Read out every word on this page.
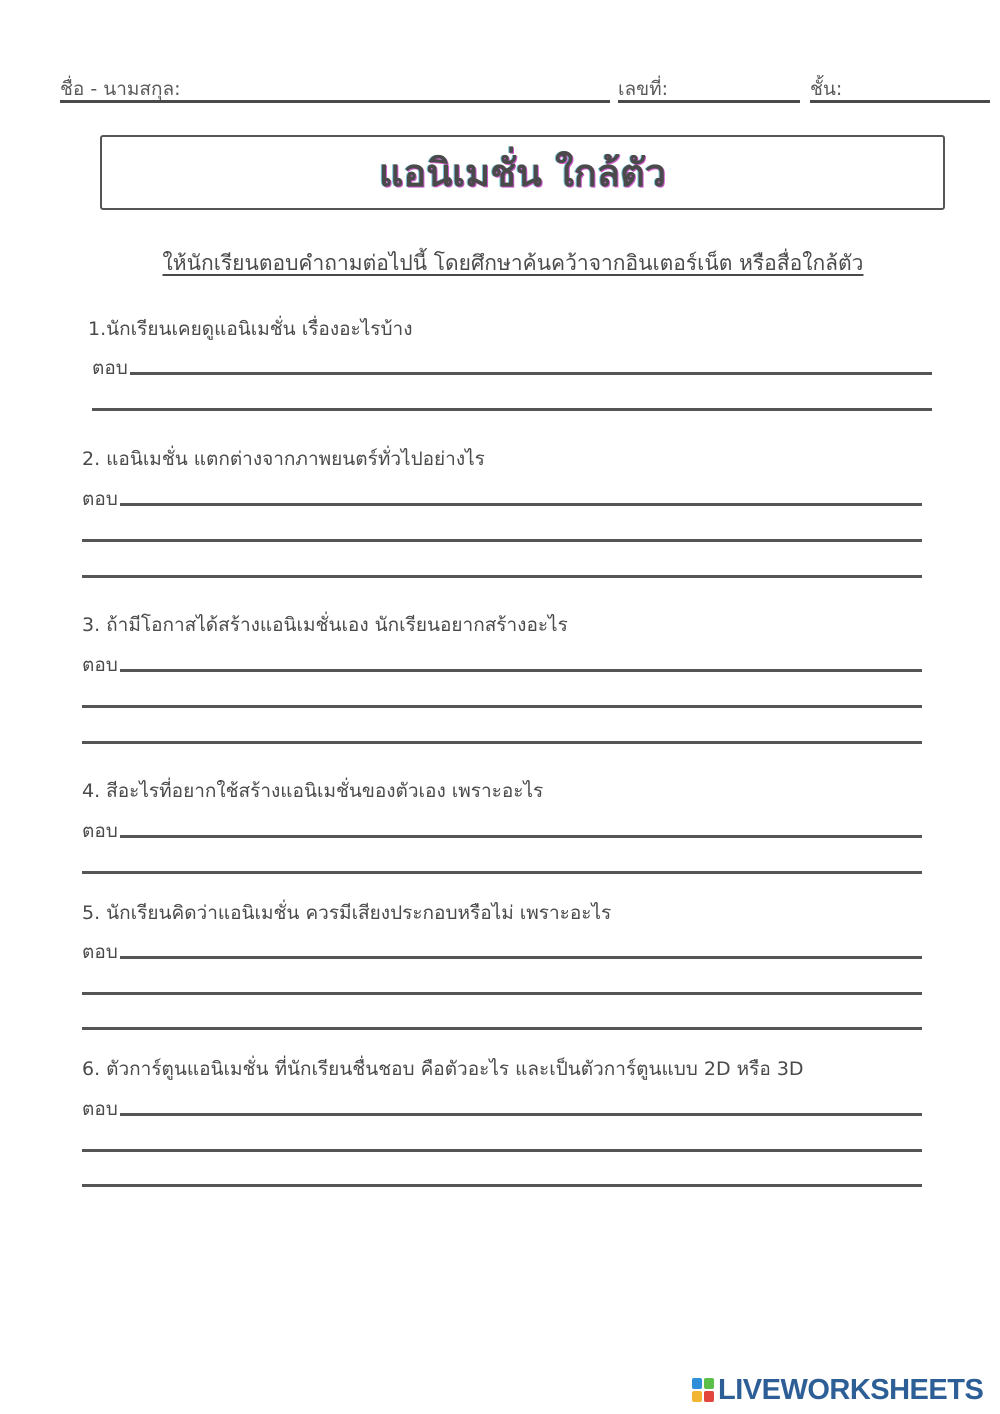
ชื่อ - นามสกุล:	เลขที่:	ชั้น:
แอนิเมชั่น ใกล้ตัว
ให้นักเรียนตอบคำถามต่อไปนี้ โดยศึกษาค้นคว้าจากอินเตอร์เน็ต หรือสื่อใกล้ตัว
1.นักเรียนเคยดูแอนิเมชั่น เรื่องอะไรบ้าง
ตอบ
2. แอนิเมชั่น แตกต่างจากภาพยนตร์ทั่วไปอย่างไร
ตอบ
3. ถ้ามีโอกาสได้สร้างแอนิเมชั่นเอง นักเรียนอยากสร้างอะไร
ตอบ
4. สีอะไรที่อยากใช้สร้างแอนิเมชั่นของตัวเอง เพราะอะไร
ตอบ
5. นักเรียนคิดว่าแอนิเมชั่น ควรมีเสียงประกอบหรือไม่ เพราะอะไร
ตอบ
6. ตัวการ์ตูนแอนิเมชั่น ที่นักเรียนชื่นชอบ คือตัวอะไร และเป็นตัวการ์ตูนแบบ 2D หรือ 3D
ตอบ
LIVEWORKSHEETS
